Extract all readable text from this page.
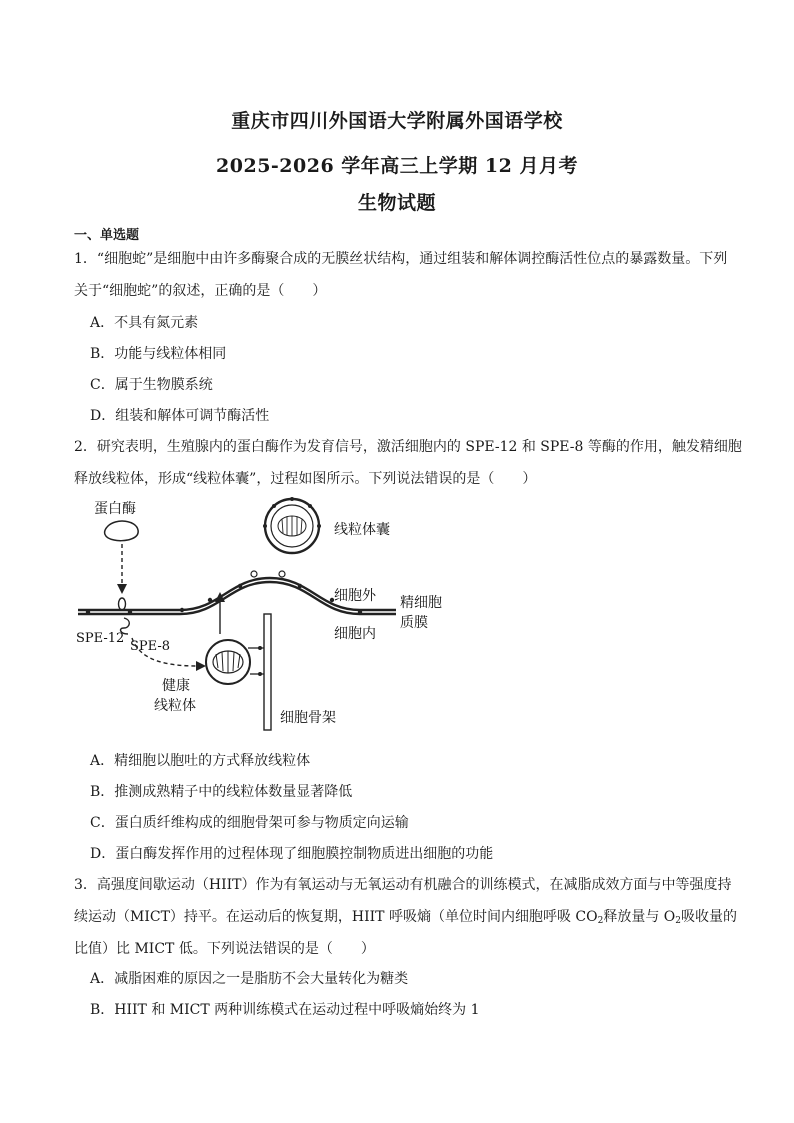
重庆市四川外国语大学附属外国语学校
2025-2026 学年高三上学期 12 月月考
生物试题
一、单选题
1．“细胞蛇”是细胞中由许多酶聚合成的无膜丝状结构，通过组装和解体调控酶活性位点的暴露数量。下列
关于“细胞蛇”的叙述，正确的是（　　）
A．不具有氮元素
B．功能与线粒体相同
C．属于生物膜系统
D．组装和解体可调节酶活性
2．研究表明，生殖腺内的蛋白酶作为发育信号，激活细胞内的 SPE-12 和 SPE-8 等酶的作用，触发精细胞
释放线粒体，形成“线粒体囊”，过程如图所示。下列说法错误的是（　　）
蛋白酶
SPE-12
SPE-8
健康
线粒体
细胞骨架
线粒体囊
细胞外
细胞内
精细胞
质膜
A．精细胞以胞吐的方式释放线粒体
B．推测成熟精子中的线粒体数量显著降低
C．蛋白质纤维构成的细胞骨架可参与物质定向运输
D．蛋白酶发挥作用的过程体现了细胞膜控制物质进出细胞的功能
3．高强度间歇运动（HIIT）作为有氧运动与无氧运动有机融合的训练模式，在减脂成效方面与中等强度持
续运动（MICT）持平。在运动后的恢复期，HIIT 呼吸熵（单位时间内细胞呼吸 $CO_2$释放量与 $O_2$吸收量的
比值）比 MICT 低。下列说法错误的是（　　）
A．减脂困难的原因之一是脂肪不会大量转化为糖类
B．HIIT 和 MICT 两种训练模式在运动过程中呼吸熵始终为 1
